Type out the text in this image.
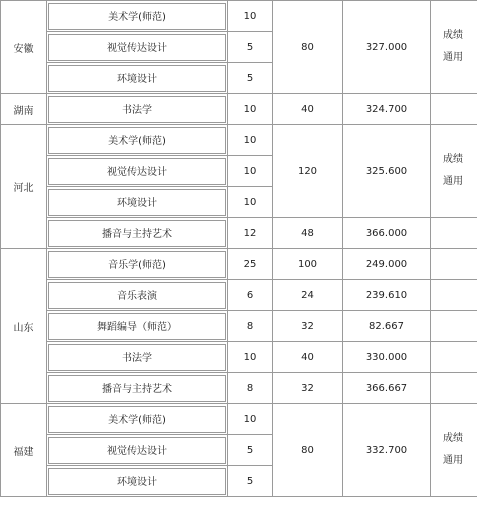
安徽	美术学(师范)	10	80	327.000	成绩
通用

	视觉传达设计	5			

	环境设计	5			
湖南	书法学	10	40	324.700	
河北	美术学(师范)	10	120	325.600	成绩
通用

	视觉传达设计	10			

	环境设计	10			

	播音与主持艺术	12	48	366.000	
山东	音乐学(师范)	25	100	249.000	

	音乐表演	6	24	239.610	

	舞蹈编导（师范）	8	32	82.667	

	书法学	10	40	330.000	

	播音与主持艺术	8	32	366.667	
福建	美术学(师范)	10	80	332.700	成绩
通用

	视觉传达设计	5			

	环境设计	5			
